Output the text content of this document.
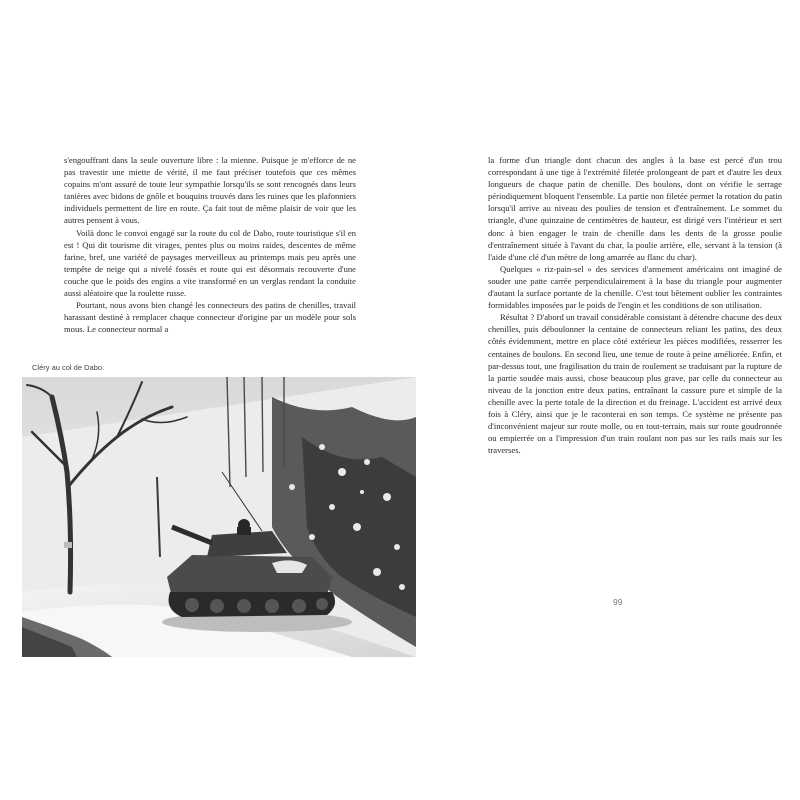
s'engouffrant dans la seule ouverture libre : la mienne. Puisque je m'efforce de ne pas travestir une miette de vérité, il me faut préciser toutefois que ces mêmes copains m'ont assuré de toute leur sympathie lorsqu'ils se sont rencognés dans leurs tanières avec bidons de gnôle et bouquins trouvés dans les ruines que les plafonniers individuels permettent de lire en route. Ça fait tout de même plaisir de voir que les autres pensent à vous.

Voilà donc le convoi engagé sur la route du col de Dabo, route touristique s'il en est ! Qui dit tourisme dit virages, pentes plus ou moins raides, descentes de même farine, bref, une variété de paysages merveilleux au printemps mais peu après une tempête de neige qui a nivelé fossés et route qui est désormais recouverte d'une couche que le poids des engins a vite transformé en un verglas rendant la conduite aussi aléatoire que la roulette russe.

Pourtant, nous avons bien changé les connecteurs des patins de chenilles, travail harassant destiné à remplacer chaque connecteur d'origine par un modèle pour sols mous. Le connecteur normal a

Cléry au col de Dabo.

la forme d'un triangle dont chacun des angles à la base est percé d'un trou correspondant à une tige à l'extrémité filetée prolongeant de part et d'autre les deux longueurs de chaque patin de chenille. Des boulons, dont on vérifie le serrage périodiquement bloquent l'ensemble. La partie non filetée permet la rotation du patin lorsqu'il arrive au niveau des poulies de tension et d'entraînement. Le sommet du triangle, d'une quinzaine de centimètres de hauteur, est dirigé vers l'intérieur et sert donc à bien engager le train de chenille dans les dents de la grosse poulie d'entraînement située à l'avant du char, la poulie arrière, elle, servant à la tension (à l'aide d'une clé d'un mètre de long amarrée au flanc du char).

Quelques « riz-pain-sel » des services d'armement américains ont imaginé de souder une patte carrée perpendiculairement à la base du triangle pour augmenter d'autant la surface portante de la chenille. C'est tout bêtement oublier les contraintes formidables imposées par le poids de l'engin et les conditions de son utilisation.

Résultat ? D'abord un travail considérable consistant à détendre chacune des deux chenilles, puis déboulonner la centaine de connecteurs reliant les patins, des deux côtés évidemment, mettre en place côté extérieur les pièces modifiées, resserrer les centaines de boulons. En second lieu, une tenue de route à peine améliorée. Enfin, et par-dessus tout, une fragilisation du train de roulement se traduisant par la rupture de la partie soudée mais aussi, chose beaucoup plus grave, par celle du connecteur au niveau de la jonction entre deux patins, entraînant la cassure pure et simple de la chenille avec la perte totale de la direction et du freinage. L'accident est arrivé deux fois à Cléry, ainsi que je le raconterai en son temps. Ce système ne présente pas d'inconvénient majeur sur route molle, ou en tout-terrain, mais sur route goudronnée ou empierrée on a l'impression d'un train roulant non pas sur les rails mais sur les traverses.

99
